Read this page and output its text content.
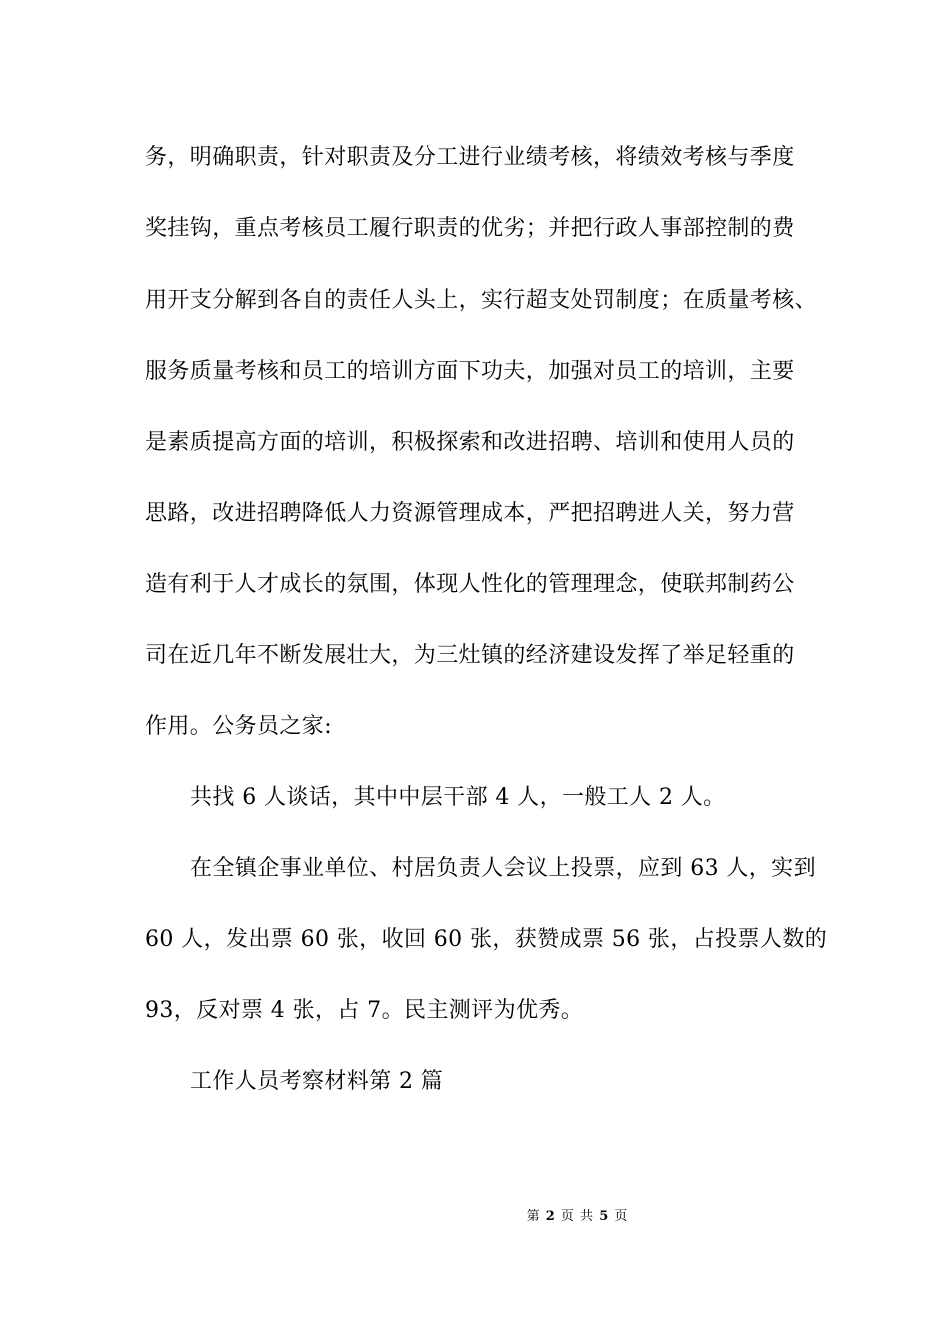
务，明确职责，针对职责及分工进行业绩考核，将绩效考核与季度
奖挂钩，重点考核员工履行职责的优劣；并把行政人事部控制的费
用开支分解到各自的责任人头上，实行超支处罚制度；在质量考核、
服务质量考核和员工的培训方面下功夫，加强对员工的培训，主要
是素质提高方面的培训，积极探索和改进招聘、培训和使用人员的
思路，改进招聘降低人力资源管理成本，严把招聘进人关，努力营
造有利于人才成长的氛围，体现人性化的管理理念，使联邦制药公
司在近几年不断发展壮大，为三灶镇的经济建设发挥了举足轻重的
作用。公务员之家:
共找 6 人谈话，其中中层干部 4 人，一般工人 2 人。
在全镇企事业单位、村居负责人会议上投票，应到 63 人，实到
60 人，发出票 60 张，收回 60 张，获赞成票 56 张，占投票人数的
93，反对票 4 张，占 7。民主测评为优秀。
工作人员考察材料第 2 篇
第 2 页 共 5 页
